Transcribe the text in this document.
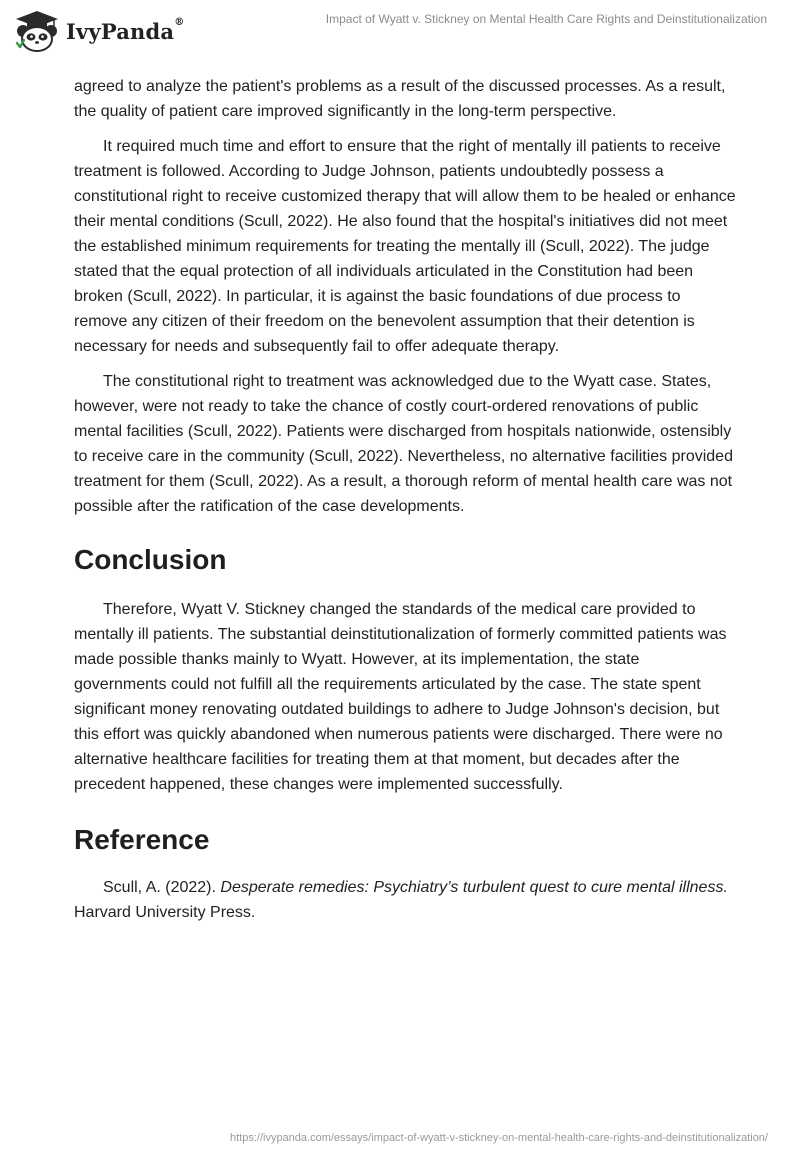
IvyPanda®	Impact of Wyatt v. Stickney on Mental Health Care Rights and Deinstitutionalization

agreed to analyze the patient's problems as a result of the discussed processes. As a result, the quality of patient care improved significantly in the long-term perspective.

It required much time and effort to ensure that the right of mentally ill patients to receive treatment is followed. According to Judge Johnson, patients undoubtedly possess a constitutional right to receive customized therapy that will allow them to be healed or enhance their mental conditions (Scull, 2022). He also found that the hospital's initiatives did not meet the established minimum requirements for treating the mentally ill (Scull, 2022). The judge stated that the equal protection of all individuals articulated in the Constitution had been broken (Scull, 2022). In particular, it is against the basic foundations of due process to remove any citizen of their freedom on the benevolent assumption that their detention is necessary for needs and subsequently fail to offer adequate therapy.

The constitutional right to treatment was acknowledged due to the Wyatt case. States, however, were not ready to take the chance of costly court-ordered renovations of public mental facilities (Scull, 2022). Patients were discharged from hospitals nationwide, ostensibly to receive care in the community (Scull, 2022). Nevertheless, no alternative facilities provided treatment for them (Scull, 2022). As a result, a thorough reform of mental health care was not possible after the ratification of the case developments.

Conclusion

Therefore, Wyatt V. Stickney changed the standards of the medical care provided to mentally ill patients. The substantial deinstitutionalization of formerly committed patients was made possible thanks mainly to Wyatt. However, at its implementation, the state governments could not fulfill all the requirements articulated by the case. The state spent significant money renovating outdated buildings to adhere to Judge Johnson's decision, but this effort was quickly abandoned when numerous patients were discharged. There were no alternative healthcare facilities for treating them at that moment, but decades after the precedent happened, these changes were implemented successfully.

Reference

Scull, A. (2022). Desperate remedies: Psychiatry’s turbulent quest to cure mental illness. Harvard University Press.

https://ivypanda.com/essays/impact-of-wyatt-v-stickney-on-mental-health-care-rights-and-deinstitutionalization/
